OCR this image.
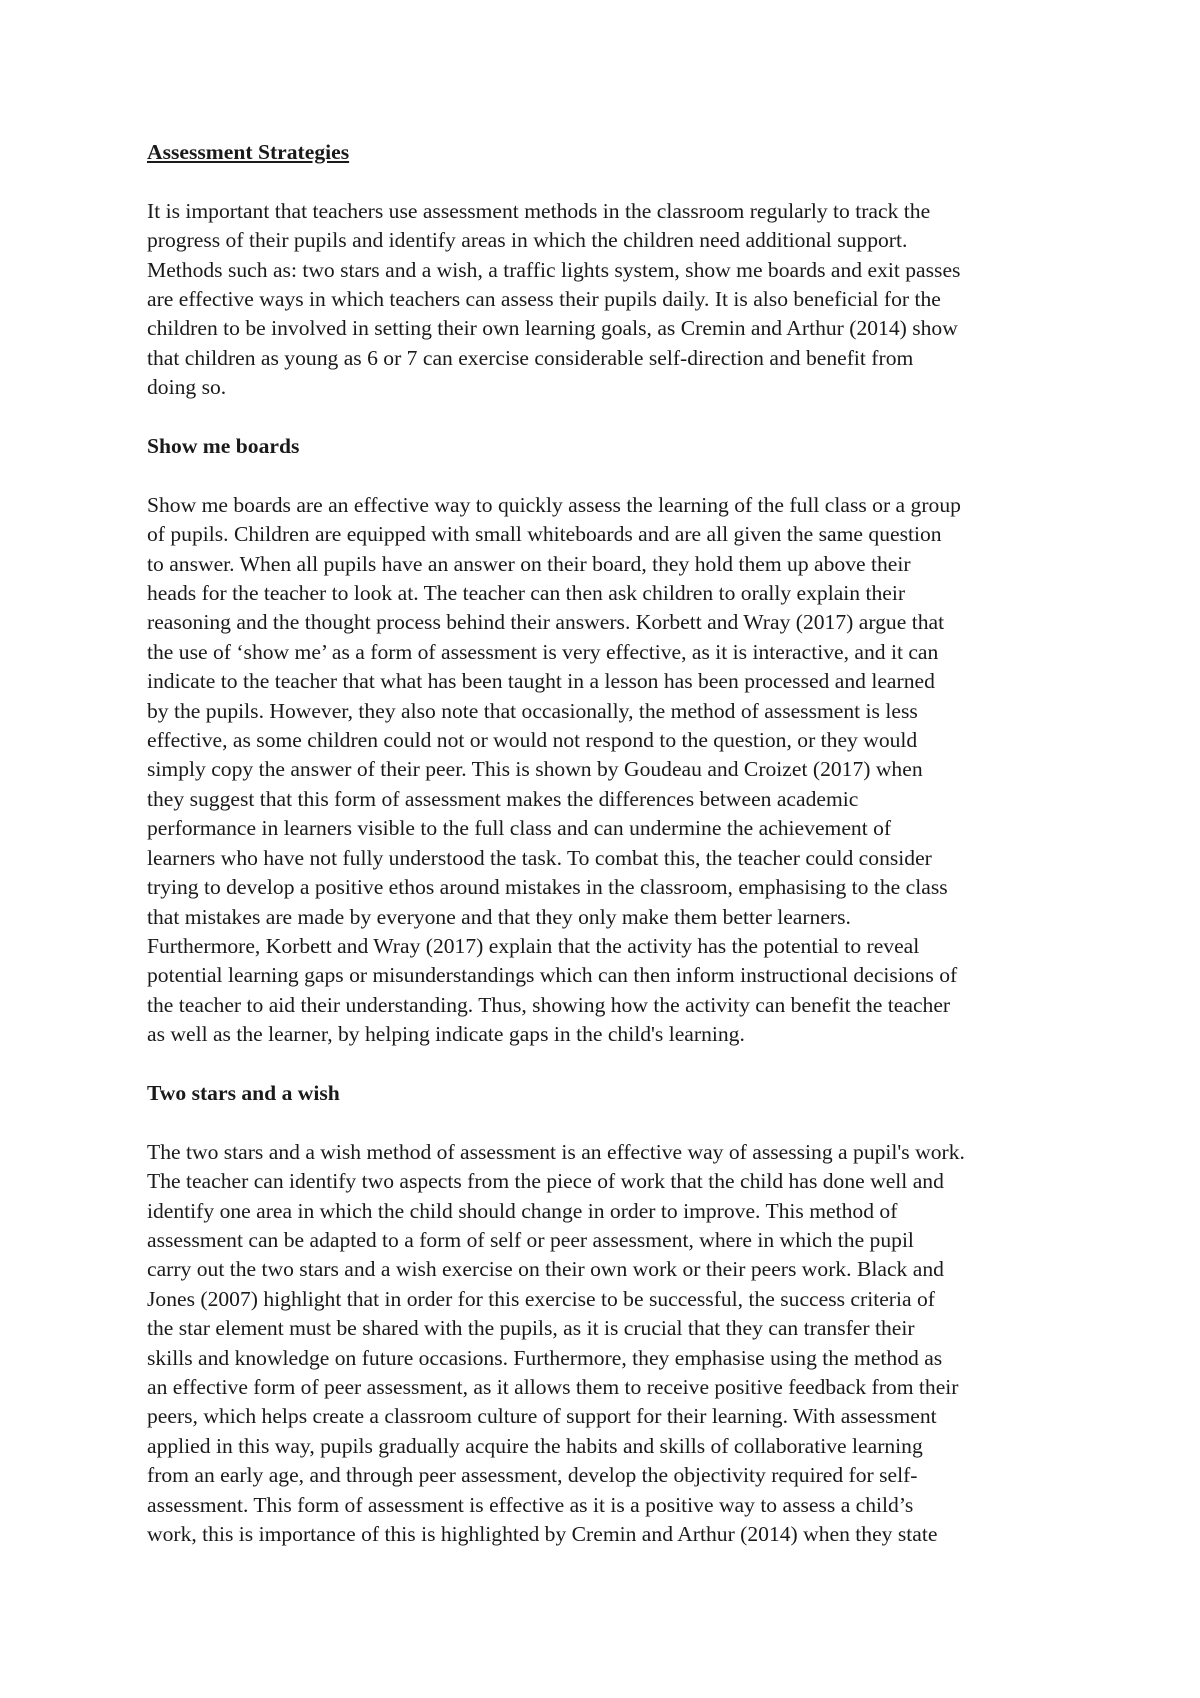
Assessment Strategies

It is important that teachers use assessment methods in the classroom regularly to track the
progress of their pupils and identify areas in which the children need additional support.
Methods such as: two stars and a wish, a traffic lights system, show me boards and exit passes
are effective ways in which teachers can assess their pupils daily. It is also beneficial for the
children to be involved in setting their own learning goals, as Cremin and Arthur (2014) show
that children as young as 6 or 7 can exercise considerable self-direction and benefit from
doing so.

Show me boards

Show me boards are an effective way to quickly assess the learning of the full class or a group
of pupils. Children are equipped with small whiteboards and are all given the same question
to answer. When all pupils have an answer on their board, they hold them up above their
heads for the teacher to look at. The teacher can then ask children to orally explain their
reasoning and the thought process behind their answers. Korbett and Wray (2017) argue that
the use of ‘show me’ as a form of assessment is very effective, as it is interactive, and it can
indicate to the teacher that what has been taught in a lesson has been processed and learned
by the pupils. However, they also note that occasionally, the method of assessment is less
effective, as some children could not or would not respond to the question, or they would
simply copy the answer of their peer. This is shown by Goudeau and Croizet (2017) when
they suggest that this form of assessment makes the differences between academic
performance in learners visible to the full class and can undermine the achievement of
learners who have not fully understood the task. To combat this, the teacher could consider
trying to develop a positive ethos around mistakes in the classroom, emphasising to the class
that mistakes are made by everyone and that they only make them better learners.
Furthermore, Korbett and Wray (2017) explain that the activity has the potential to reveal
potential learning gaps or misunderstandings which can then inform instructional decisions of
the teacher to aid their understanding. Thus, showing how the activity can benefit the teacher
as well as the learner, by helping indicate gaps in the child's learning.

Two stars and a wish

The two stars and a wish method of assessment is an effective way of assessing a pupil's work.
The teacher can identify two aspects from the piece of work that the child has done well and
identify one area in which the child should change in order to improve. This method of
assessment can be adapted to a form of self or peer assessment, where in which the pupil
carry out the two stars and a wish exercise on their own work or their peers work. Black and
Jones (2007) highlight that in order for this exercise to be successful, the success criteria of
the star element must be shared with the pupils, as it is crucial that they can transfer their
skills and knowledge on future occasions. Furthermore, they emphasise using the method as
an effective form of peer assessment, as it allows them to receive positive feedback from their
peers, which helps create a classroom culture of support for their learning. With assessment
applied in this way, pupils gradually acquire the habits and skills of collaborative learning
from an early age, and through peer assessment, develop the objectivity required for self-
assessment. This form of assessment is effective as it is a positive way to assess a child’s
work, this is importance of this is highlighted by Cremin and Arthur (2014) when they state
